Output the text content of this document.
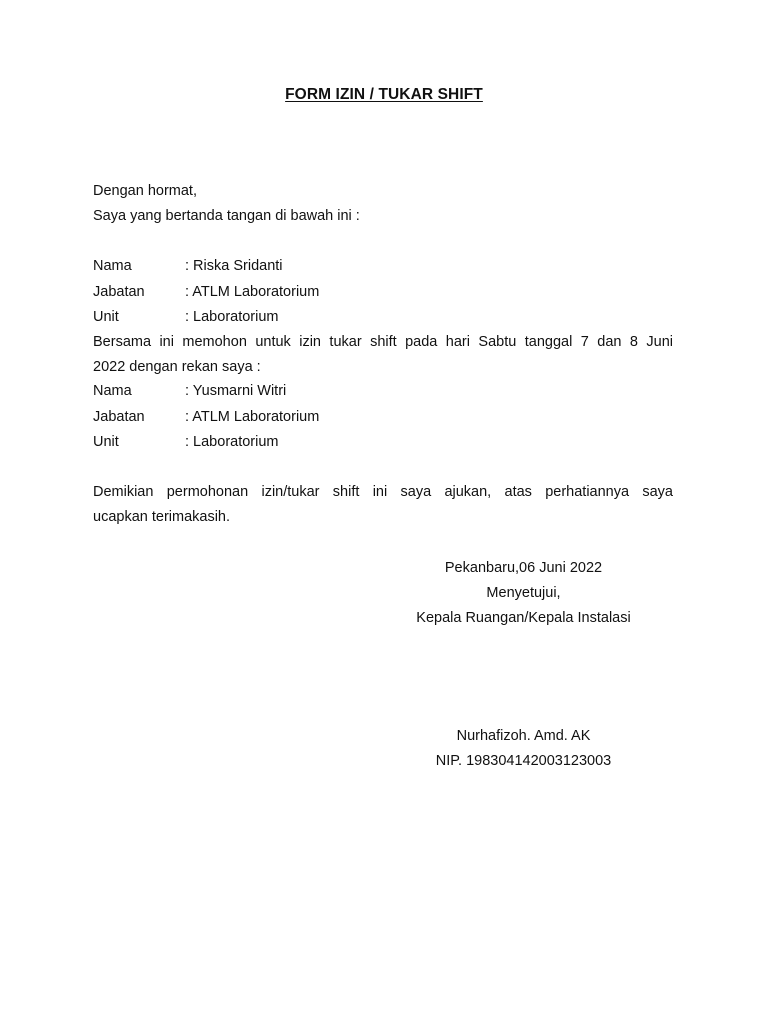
FORM IZIN / TUKAR SHIFT
Dengan hormat,
Saya yang bertanda tangan di bawah ini :
Nama	: Riska Sridanti
Jabatan	: ATLM Laboratorium
Unit	: Laboratorium
Bersama ini memohon untuk izin tukar shift pada hari Sabtu tanggal 7 dan 8 Juni
2022 dengan rekan saya :
Nama	: Yusmarni Witri
Jabatan	: ATLM Laboratorium
Unit	: Laboratorium
Demikian permohonan izin/tukar shift ini saya ajukan, atas perhatiannya saya
ucapkan terimakasih.
Pekanbaru,06 Juni 2022
Menyetujui,
Kepala Ruangan/Kepala Instalasi
Nurhafizoh. Amd. AK
NIP. 198304142003123003
